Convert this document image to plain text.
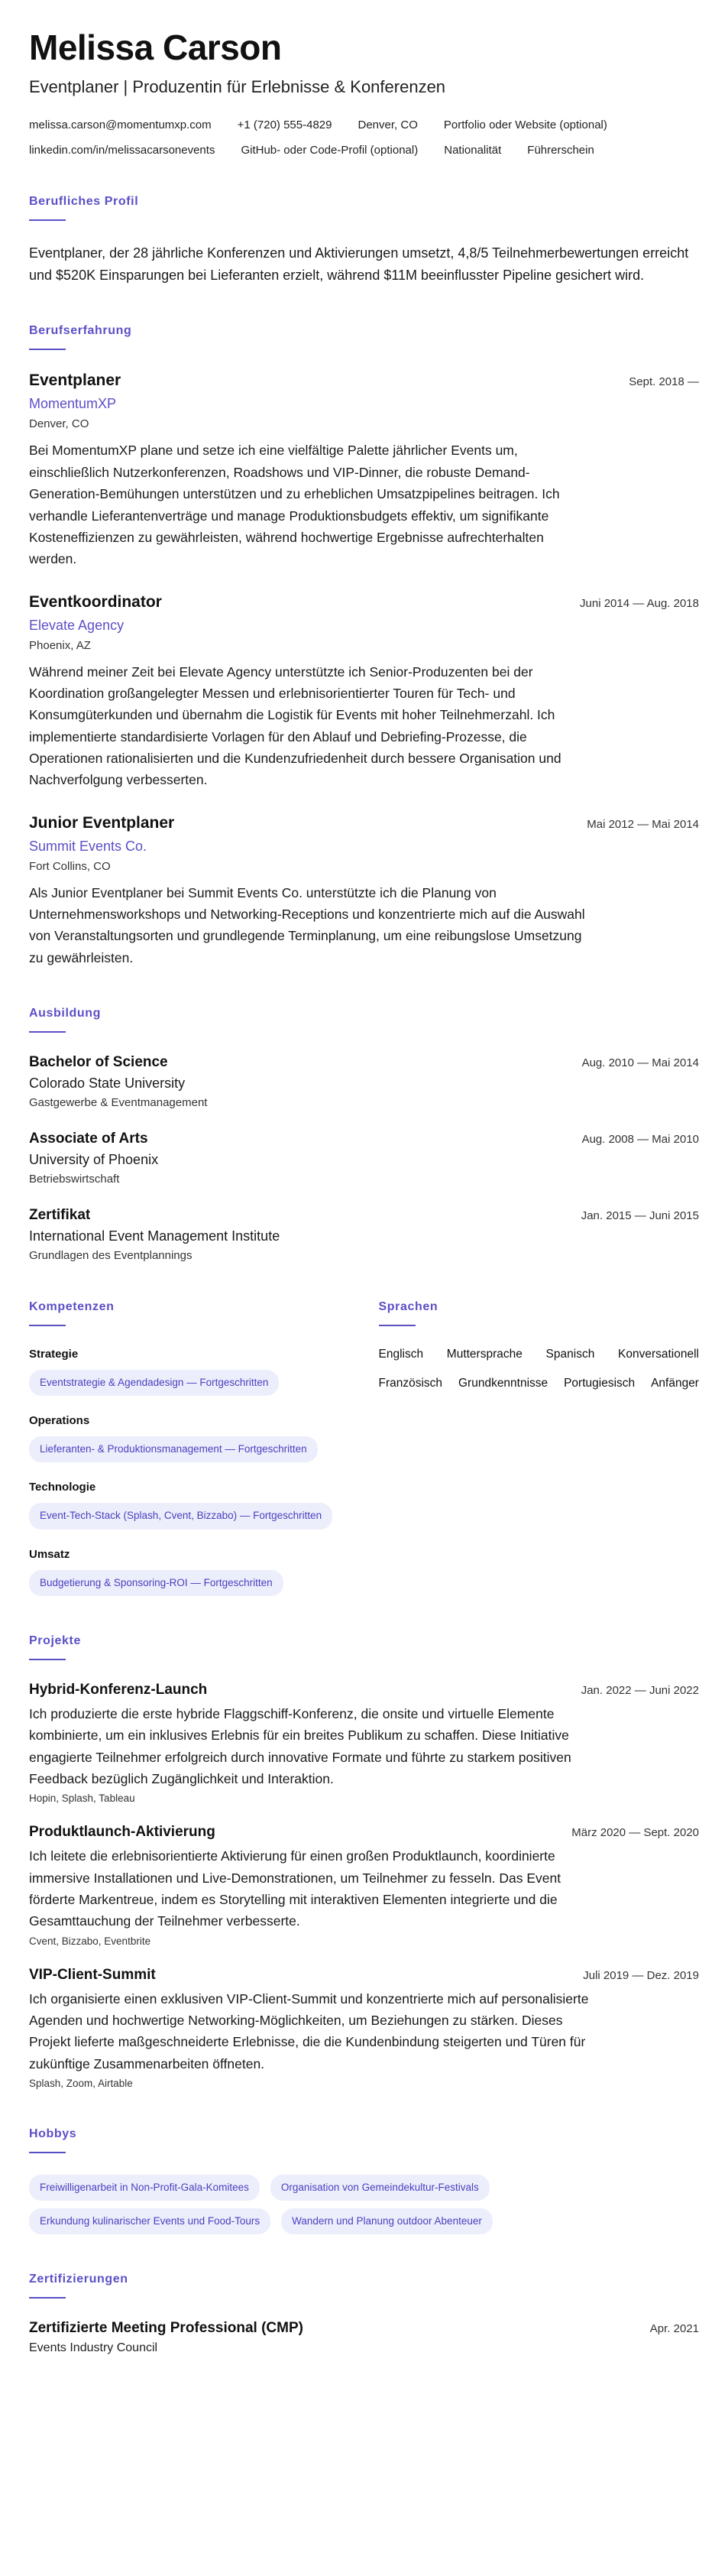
Melissa Carson
Eventplaner | Produzentin für Erlebnisse & Konferenzen
melissa.carson@momentumxp.com +1 (720) 555-4829 Denver, CO Portfolio oder Website (optional)
linkedin.com/in/melissacarsonevents GitHub- oder Code-Profil (optional) Nationalität Führerschein
Berufliches Profil

Eventplaner, der 28 jährliche Konferenzen und Aktivierungen umsetzt, 4,8/5 Teilnehmerbewertungen erreicht und $520K Einsparungen bei Lieferanten erzielt, während $11M beeinflusster Pipeline gesichert wird.

Berufserfahrung
Eventplaner	Sept. 2018 —
MomentumXP
Denver, CO

Bei MomentumXP plane und setze ich eine vielfältige Palette jährlicher Events um, einschließlich Nutzerkonferenzen, Roadshows und VIP-Dinner, die robuste Demand-Generation-Bemühungen unterstützen und zu erheblichen Umsatzpipelines beitragen. Ich verhandle Lieferantenverträge und manage Produktionsbudgets effektiv, um signifikante Kosteneffizienzen zu gewährleisten, während hochwertige Ergebnisse aufrechterhalten werden.

Eventkoordinator	Juni 2014 — Aug. 2018
Elevate Agency
Phoenix, AZ

Während meiner Zeit bei Elevate Agency unterstützte ich Senior-Produzenten bei der Koordination großangelegter Messen und erlebnisorientierter Touren für Tech- und Konsumgüterkunden und übernahm die Logistik für Events mit hoher Teilnehmerzahl. Ich implementierte standardisierte Vorlagen für den Ablauf und Debriefing-Prozesse, die Operationen rationalisierten und die Kundenzufriedenheit durch bessere Organisation und Nachverfolgung verbesserten.

Junior Eventplaner	Mai 2012 — Mai 2014
Summit Events Co.
Fort Collins, CO

Als Junior Eventplaner bei Summit Events Co. unterstützte ich die Planung von Unternehmensworkshops und Networking-Receptions und konzentrierte mich auf die Auswahl von Veranstaltungsorten und grundlegende Terminplanung, um eine reibungslose Umsetzung zu gewährleisten.

Ausbildung
Bachelor of Science	Aug. 2010 — Mai 2014
Colorado State University
Gastgewerbe & Eventmanagement
Associate of Arts	Aug. 2008 — Mai 2010
University of Phoenix
Betriebswirtschaft
Zertifikat	Jan. 2015 — Juni 2015
International Event Management Institute
Grundlagen des Eventplannings
Kompetenzen
Strategie
Eventstrategie & Agendadesign — Fortgeschritten
Operations
Lieferanten- & Produktionsmanagement — Fortgeschritten
Technologie
Event-Tech-Stack (Splash, Cvent, Bizzabo) — Fortgeschritten
Umsatz
Budgetierung & Sponsoring-ROI — Fortgeschritten
Sprachen
Englisch Muttersprache Spanisch Konversationell
Französisch Grundkenntnisse Portugiesisch Anfänger
Projekte
Hybrid-Konferenz-Launch	Jan. 2022 — Juni 2022

Ich produzierte die erste hybride Flaggschiff-Konferenz, die onsite und virtuelle Elemente kombinierte, um ein inklusives Erlebnis für ein breites Publikum zu schaffen. Diese Initiative engagierte Teilnehmer erfolgreich durch innovative Formate und führte zu starkem positiven Feedback bezüglich Zugänglichkeit und Interaktion.

Hopin, Splash, Tableau
Produktlaunch-Aktivierung	März 2020 — Sept. 2020

Ich leitete die erlebnisorientierte Aktivierung für einen großen Produktlaunch, koordinierte immersive Installationen und Live-Demonstrationen, um Teilnehmer zu fesseln. Das Event förderte Markentreue, indem es Storytelling mit interaktiven Elementen integrierte und die Gesamttauchung der Teilnehmer verbesserte.

Cvent, Bizzabo, Eventbrite
VIP-Client-Summit	Juli 2019 — Dez. 2019

Ich organisierte einen exklusiven VIP-Client-Summit und konzentrierte mich auf personalisierte Agenden und hochwertige Networking-Möglichkeiten, um Beziehungen zu stärken. Dieses Projekt lieferte maßgeschneiderte Erlebnisse, die die Kundenbindung steigerten und Türen für zukünftige Zusammenarbeiten öffneten.

Splash, Zoom, Airtable
Hobbys
Freiwilligenarbeit in Non-Profit-Gala-Komitees	Organisation von Gemeindekultur-Festivals
Erkundung kulinarischer Events und Food-Tours	Wandern und Planung outdoor Abenteuer
Zertifizierungen
Zertifizierte Meeting Professional (CMP)	Apr. 2021
Events Industry Council
